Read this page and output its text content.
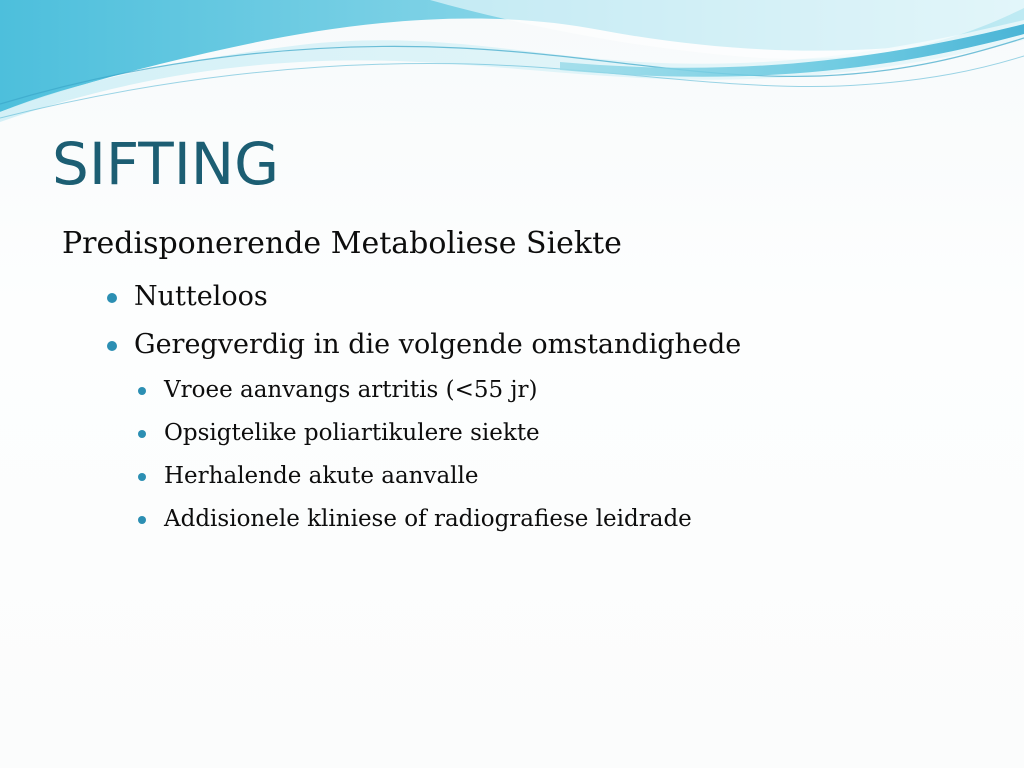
SIFTING
Predisponerende Metaboliese Siekte
Nutteloos
Geregverdig in die volgende omstandighede
Vroee aanvangs artritis (<55 jr)
Opsigtelike poliartikulere siekte
Herhalende akute aanvalle
Addisionele kliniese of radiografiese leidrade
